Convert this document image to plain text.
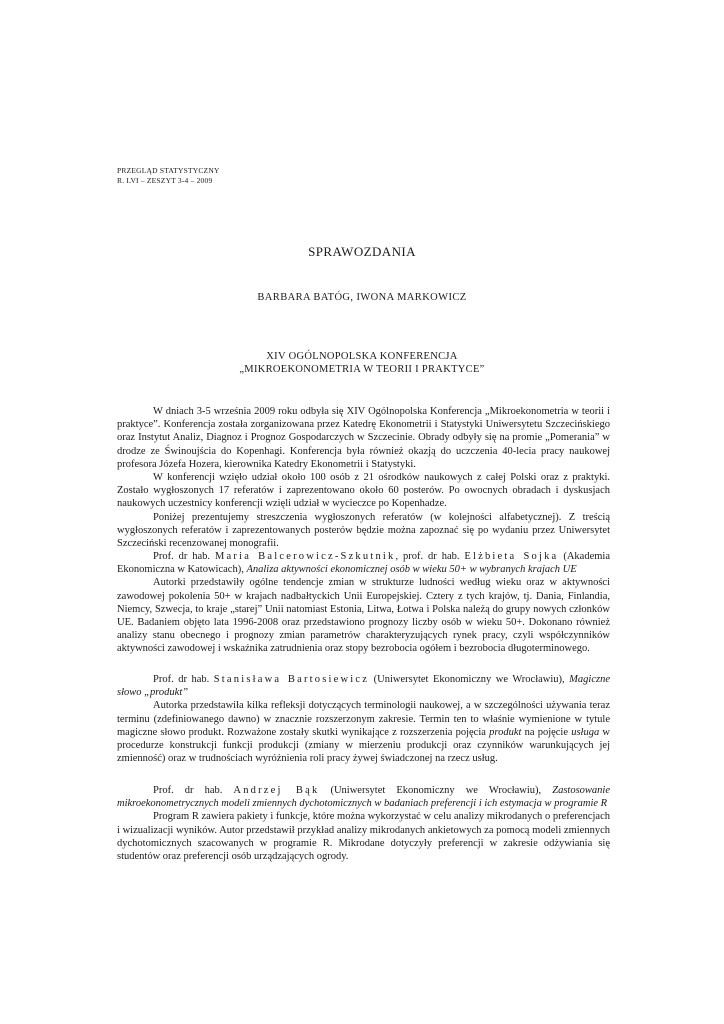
PRZEGLĄD STATYSTYCZNY
R. LVI – ZESZYT 3-4 – 2009
SPRAWOZDANIA
BARBARA BATÓG, IWONA MARKOWICZ
XIV OGÓLNOPOLSKA KONFERENCJA
„MIKROEKONOMETRIA W TEORII I PRAKTYCE”

W dniach 3-5 września 2009 roku odbyła się XIV Ogólnopolska Konferencja „Mikroekonometria w teorii i praktyce”. Konferencja została zorganizowana przez Katedrę Ekonometrii i Statystyki Uniwersytetu Szczecińskiego oraz Instytut Analiz, Diagnoz i Prognoz Gospodarczych w Szczecinie. Obrady odbyły się na promie „Pomerania” w drodze ze Świnoujścia do Kopenhagi. Konferencja była również okazją do uczczenia 40-lecia pracy naukowej profesora Józefa Hozera, kierownika Katedry Ekonometrii i Statystyki.

W konferencji wzięło udział około 100 osób z 21 ośrodków naukowych z całej Polski oraz z praktyki. Zostało wygłoszonych 17 referatów i zaprezentowano około 60 posterów. Po owocnych obradach i dyskusjach naukowych uczestnicy konferencji wzięli udział w wycieczce po Kopenhadze.

Poniżej prezentujemy streszczenia wygłoszonych referatów (w kolejności alfabetycznej). Z treścią wygłoszonych referatów i zaprezentowanych posterów będzie można zapoznać się po wydaniu przez Uniwersytet Szczeciński recenzowanej monografii.

Prof. dr hab. Maria Balcerowicz-Szkutnik, prof. dr hab. Elżbieta Sojka (Akademia Ekonomiczna w Katowicach), Analiza aktywności ekonomicznej osób w wieku 50+ w wybranych krajach UE

Autorki przedstawiły ogólne tendencje zmian w strukturze ludności według wieku oraz w aktywności zawodowej pokolenia 50+ w krajach nadbałtyckich Unii Europejskiej. Cztery z tych krajów, tj. Dania, Finlandia, Niemcy, Szwecja, to kraje „starej” Unii natomiast Estonia, Litwa, Łotwa i Polska należą do grupy nowych członków UE. Badaniem objęto lata 1996-2008 oraz przedstawiono prognozy liczby osób w wieku 50+. Dokonano również analizy stanu obecnego i prognozy zmian parametrów charakteryzujących rynek pracy, czyli współczynników aktywności zawodowej i wskaźnika zatrudnienia oraz stopy bezrobocia ogółem i bezrobocia długoterminowego.

Prof. dr hab. Stanisława Bartosiewicz (Uniwersytet Ekonomiczny we Wrocławiu), Magiczne słowo „produkt”

Autorka przedstawiła kilka refleksji dotyczących terminologii naukowej, a w szczególności używania teraz terminu (zdefiniowanego dawno) w znacznie rozszerzonym zakresie. Termin ten to właśnie wymienione w tytule magiczne słowo produkt. Rozważone zostały skutki wynikające z rozszerzenia pojęcia produkt na pojęcie usługa w procedurze konstrukcji funkcji produkcji (zmiany w mierzeniu produkcji oraz czynników warunkujących jej zmienność) oraz w trudnościach wyróżnienia roli pracy żywej świadczonej na rzecz usług.

Prof. dr hab. Andrzej Bąk (Uniwersytet Ekonomiczny we Wrocławiu), Zastosowanie mikroekonometrycznych modeli zmiennych dychotomicznych w badaniach preferencji i ich estymacja w programie R

Program R zawiera pakiety i funkcje, które można wykorzystać w celu analizy mikrodanych o preferencjach i wizualizacji wyników. Autor przedstawił przykład analizy mikrodanych ankietowych za pomocą modeli zmiennych dychotomicznych szacowanych w programie R. Mikrodane dotyczyły preferencji w zakresie odżywiania się studentów oraz preferencji osób urządzających ogrody.
